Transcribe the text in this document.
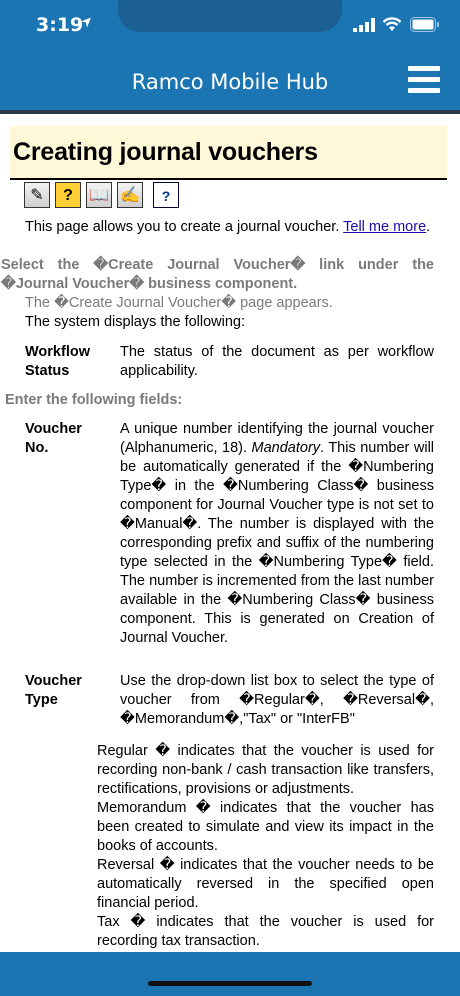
3:19
Ramco Mobile Hub
Creating journal vouchers
✎ ? 📖 ✍ ?
This page allows you to create a journal voucher. Tell me more.
Select the �Create Journal Voucher� link under the �Journal Voucher� business component.
The �Create Journal Voucher� page appears.
The system displays the following:
Workflow Status
The status of the document as per workflow applicability.
Enter the following fields:
Voucher No.
A unique number identifying the journal voucher (Alphanumeric, 18). Mandatory. This number will be automatically generated if the �Numbering Type� in the �Numbering Class� business component for Journal Voucher type is not set to �Manual�. The number is displayed with the corresponding prefix and suffix of the numbering type selected in the �Numbering Type� field. The number is incremented from the last number available in the �Numbering Class� business component. This is generated on Creation of Journal Voucher.
Voucher Type
Use the drop-down list box to select the type of voucher from �Regular�, �Reversal�, �Memorandum�,"Tax" or "InterFB"
Regular � indicates that the voucher is used for recording non-bank / cash transaction like transfers, rectifications, provisions or adjustments.
Memorandum � indicates that the voucher has been created to simulate and view its impact in the books of accounts.
Reversal � indicates that the voucher needs to be automatically reversed in the specified open financial period.
Tax � indicates that the voucher is used for recording tax transaction.
